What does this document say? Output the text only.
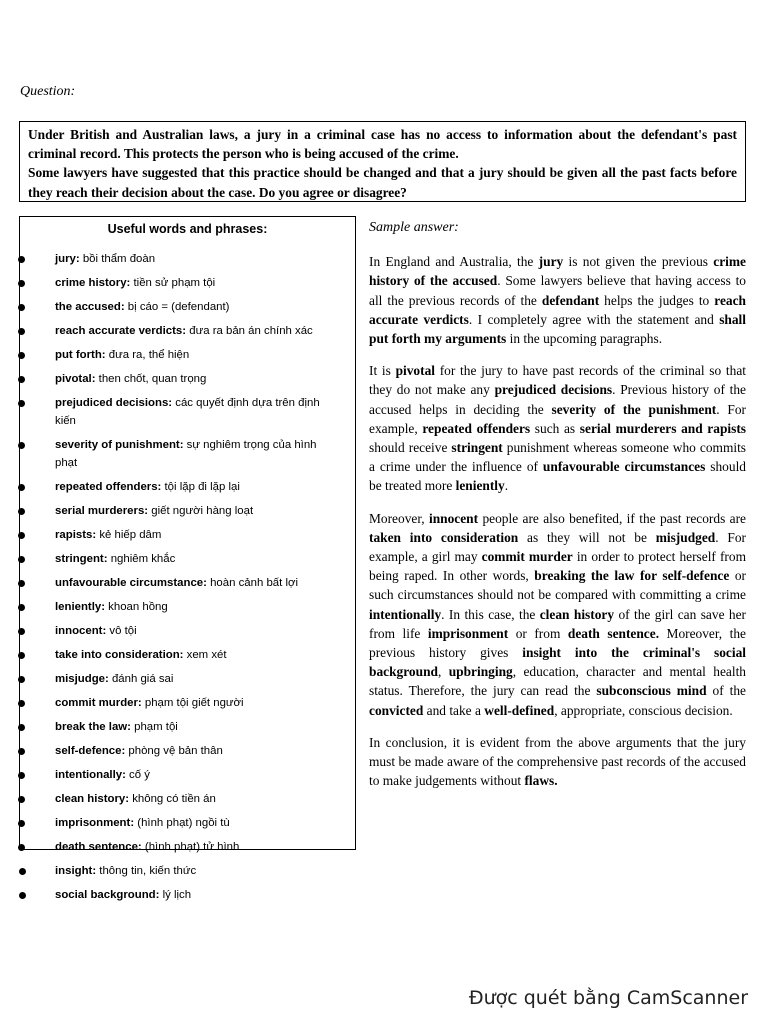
Question:

Under British and Australian laws, a jury in a criminal case has no access to information about the defendant's past criminal record. This protects the person who is being accused of the crime.

Some lawyers have suggested that this practice should be changed and that a jury should be given all the past facts before they reach their decision about the case. Do you agree or disagree?

Useful words and phrases:
jury: bồi thẩm đoàn
crime history: tiền sử phạm tội
the accused: bị cáo = (defendant)
reach accurate verdicts: đưa ra bản án chính xác
put forth: đưa ra, thể hiện
pivotal: then chốt, quan trọng
prejudiced decisions: các quyết định dựa trên định kiến
severity of punishment: sự nghiêm trọng của hình phạt
repeated offenders: tội lặp đi lặp lại
serial murderers: giết người hàng loạt
rapists: kẻ hiếp dâm
stringent: nghiêm khắc
unfavourable circumstance: hoàn cảnh bất lợi
leniently: khoan hồng
innocent: vô tội
take into consideration: xem xét
misjudge: đánh giá sai
commit murder: phạm tội giết người
break the law: phạm tội
self-defence: phòng vệ bản thân
intentionally: cố ý
clean history: không có tiền án
imprisonment: (hình phạt) ngồi tù
death sentence: (hình phạt) tử hình
insight: thông tin, kiến thức
social background: lý lịch
Sample answer:

In England and Australia, the jury is not given the previous crime history of the accused. Some lawyers believe that having access to all the previous records of the defendant helps the judges to reach accurate verdicts. I completely agree with the statement and shall put forth my arguments in the upcoming paragraphs.

It is pivotal for the jury to have past records of the criminal so that they do not make any prejudiced decisions. Previous history of the accused helps in deciding the severity of the punishment. For example, repeated offenders such as serial murderers and rapists should receive stringent punishment whereas someone who commits a crime under the influence of unfavourable circumstances should be treated more leniently.

Moreover, innocent people are also benefited, if the past records are taken into consideration as they will not be misjudged. For example, a girl may commit murder in order to protect herself from being raped. In other words, breaking the law for self-defence or such circumstances should not be compared with committing a crime intentionally. In this case, the clean history of the girl can save her from life imprisonment or from death sentence. Moreover, the previous history gives insight into the criminal's social background, upbringing, education, character and mental health status. Therefore, the jury can read the subconscious mind of the convicted and take a well-defined, appropriate, conscious decision.

In conclusion, it is evident from the above arguments that the jury must be made aware of the comprehensive past records of the accused to make judgements without flaws.

Được quét bằng CamScanner
